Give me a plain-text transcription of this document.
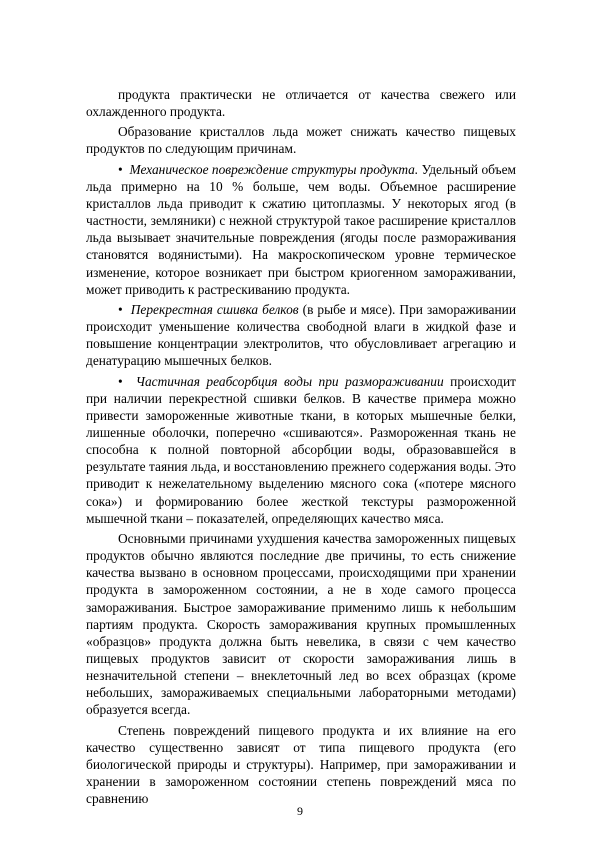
продукта практически не отличается от качества свежего или охлажденного продукта.

Образование кристаллов льда может снижать качество пищевых продуктов по следующим причинам.

• Механическое повреждение структуры продукта. Удельный объем льда примерно на 10 % больше, чем воды. Объемное расширение кристаллов льда приводит к сжатию цитоплазмы. У некоторых ягод (в частности, земляники) с нежной структурой такое расширение кристаллов льда вызывает значительные повреждения (ягоды после размораживания становятся водянистыми). На макроскопическом уровне термическое изменение, которое возникает при быстром криогенном замораживании, может приводить к растрескиванию продукта.

• Перекрестная сшивка белков (в рыбе и мясе). При замораживании происходит уменьшение количества свободной влаги в жидкой фазе и повышение концентрации электролитов, что обусловливает агрегацию и денатурацию мышечных белков.

• Частичная реабсорбция воды при размораживании происходит при наличии перекрестной сшивки белков. В качестве примера можно привести замороженные животные ткани, в которых мышечные белки, лишенные оболочки, поперечно «сшиваются». Размороженная ткань не способна к полной повторной абсорбции воды, образовавшейся в результате таяния льда, и восстановлению прежнего содержания воды. Это приводит к нежелательному выделению мясного сока («потере мясного сока») и формированию более жесткой текстуры размороженной мышечной ткани – показателей, определяющих качество мяса.

Основными причинами ухудшения качества замороженных пищевых продуктов обычно являются последние две причины, то есть снижение качества вызвано в основном процессами, происходящими при хранении продукта в замороженном состоянии, а не в ходе самого процесса замораживания. Быстрое замораживание применимо лишь к небольшим партиям продукта. Скорость замораживания крупных промышленных «образцов» продукта должна быть невелика, в связи с чем качество пищевых продуктов зависит от скорости замораживания лишь в незначительной степени – внеклеточный лед во всех образцах (кроме небольших, замораживаемых специальными лабораторными методами) образуется всегда.

Степень повреждений пищевого продукта и их влияние на его качество существенно зависят от типа пищевого продукта (его биологической природы и структуры). Например, при замораживании и хранении в замороженном состоянии степень повреждений мяса по сравнению

9
